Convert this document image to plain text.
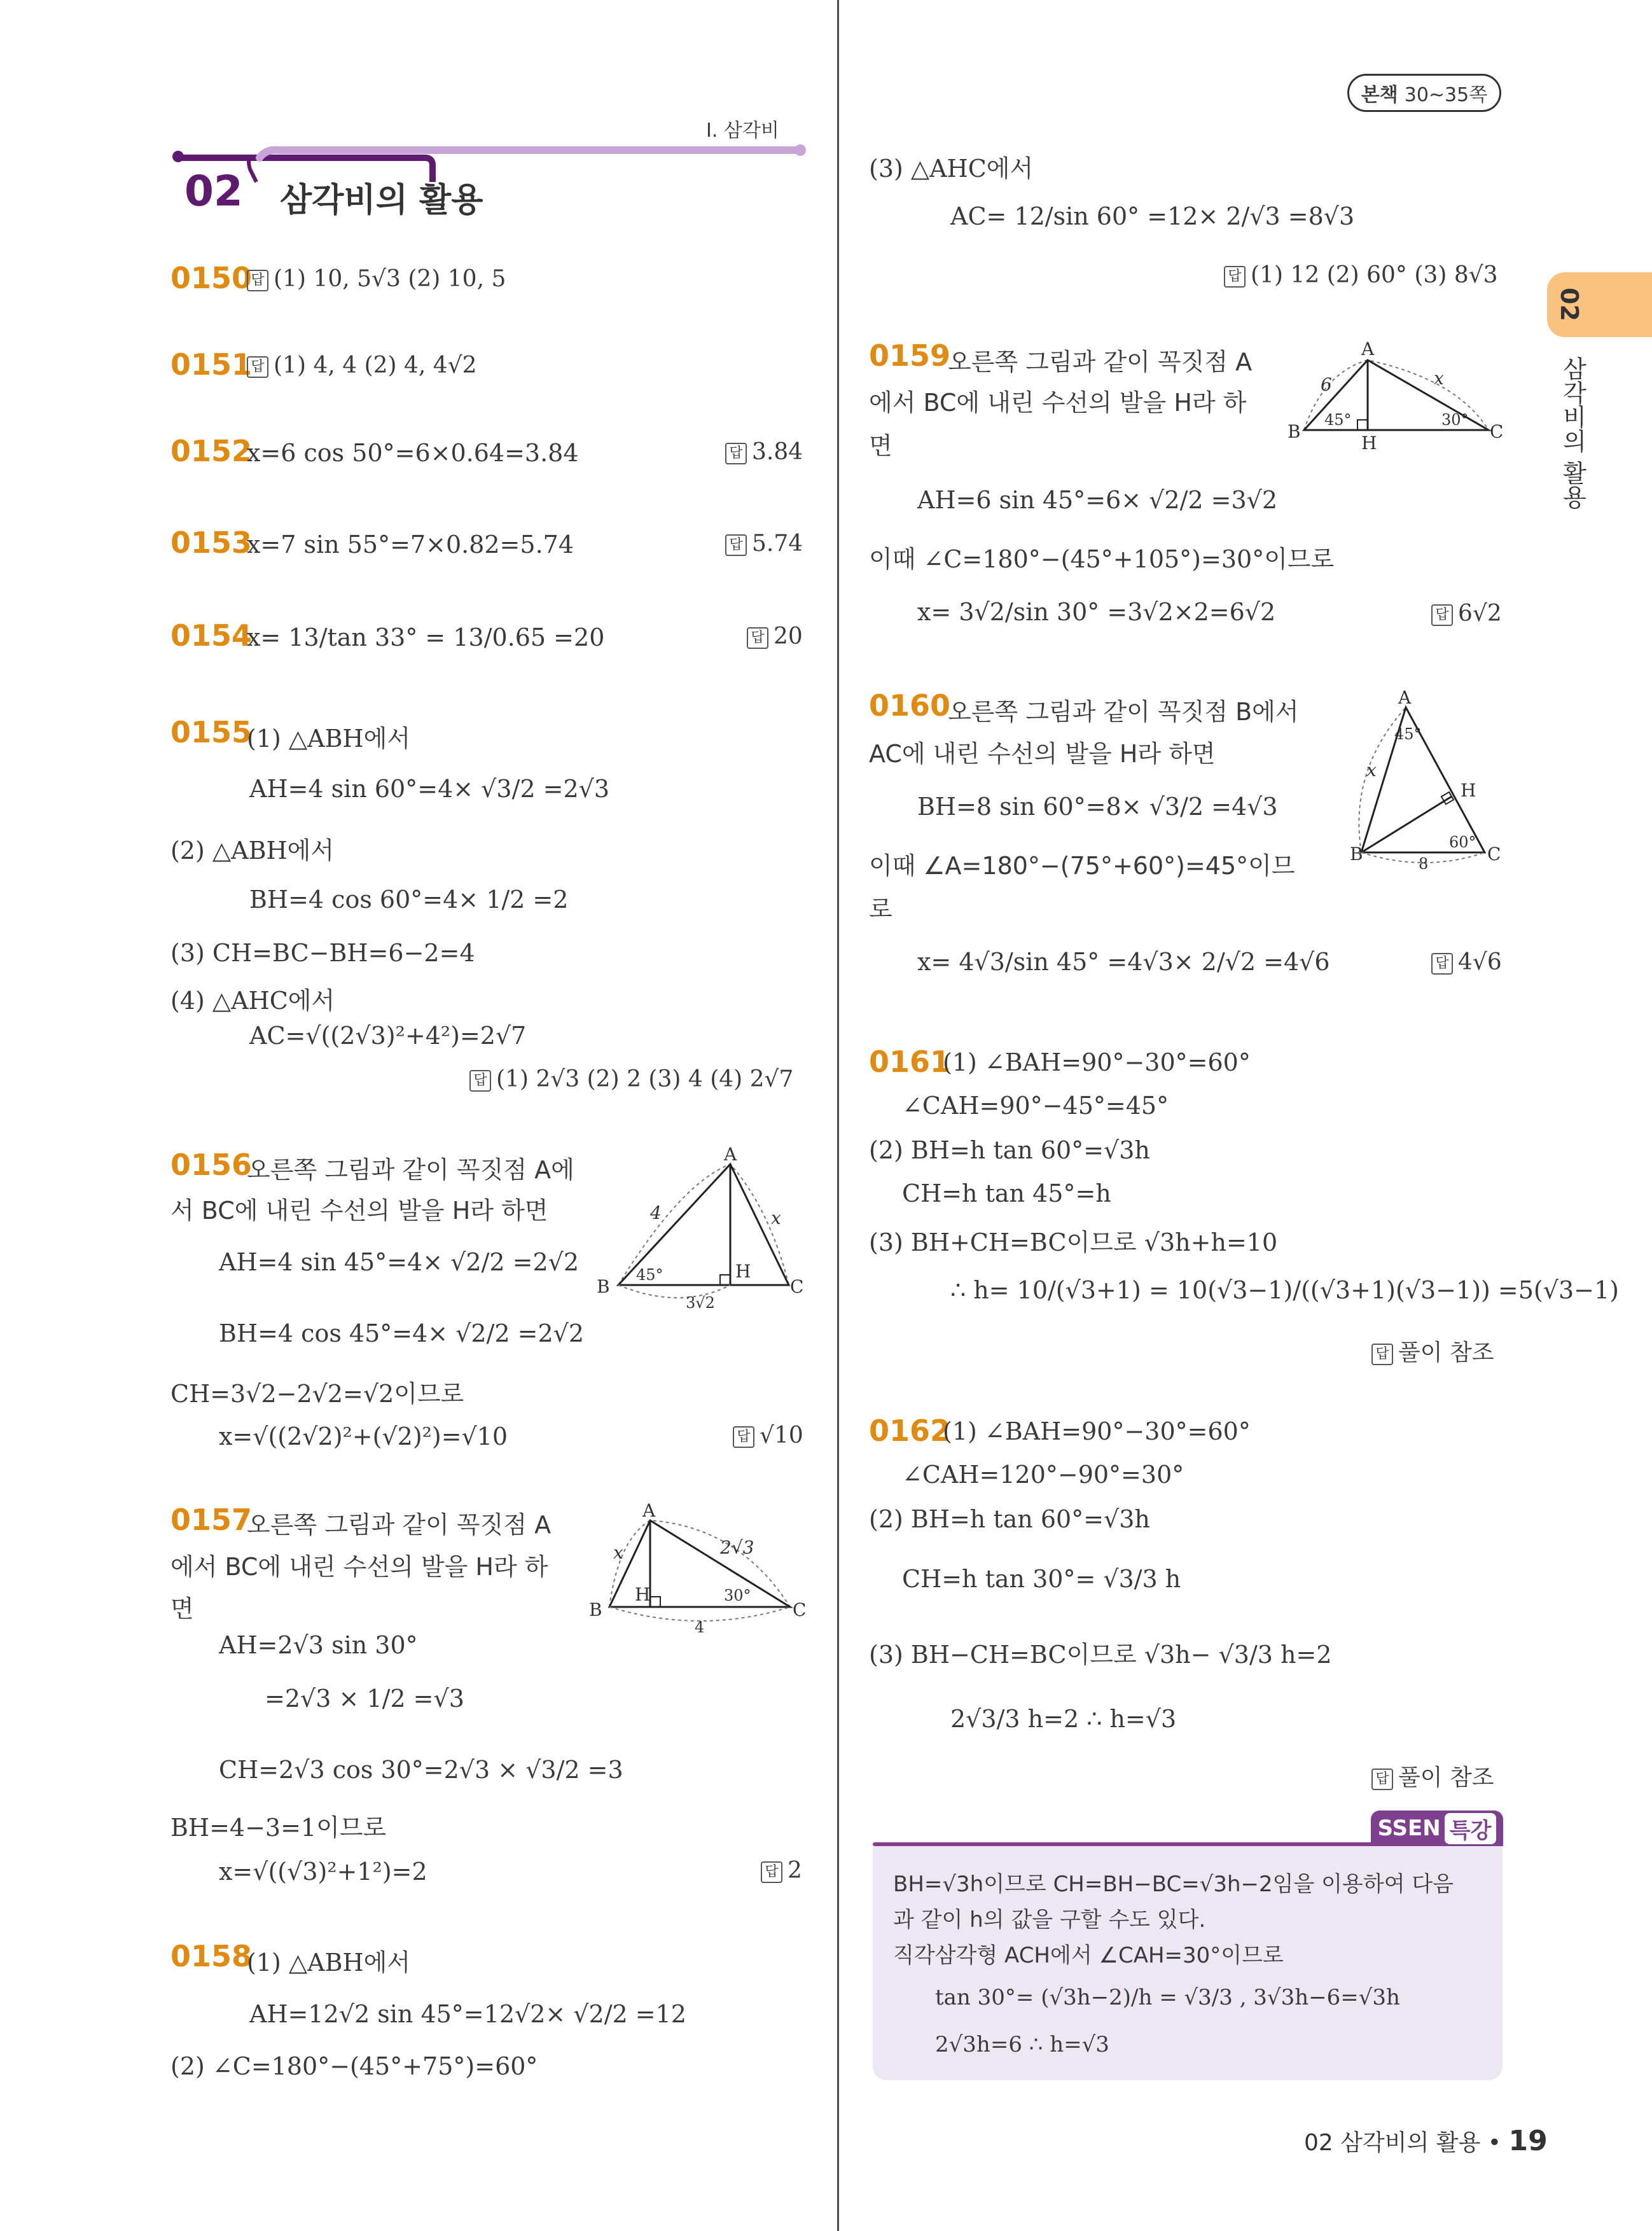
본책 30~35쪽
Ⅰ. 삼각비
02 삼각비의 활용
02
삼각비의 활용
0150
답 (1) 10, 5√3 (2) 10, 5
0151
답 (1) 4, 4 (2) 4, 4√2
0152
x=6 cos 50°=6×0.64=3.84	답 3.84
0153
x=7 sin 55°=7×0.82=5.74	답 5.74
0154
x= 13/tan 33° = 13/0.65 =20	답 20
0155
(1) △ABH에서
AH=4 sin 60°=4× √3/2 =2√3
(2) △ABH에서
BH=4 cos 60°=4× 1/2 =2
(3) CH=BC−BH=6−2=4
(4) △AHC에서
AC=√((2√3)²+4²)=2√7
답 (1) 2√3 (2) 2 (3) 4 (4) 2√7
0156
오른쪽 그림과 같이 꼭짓점 A에
서 BC에 내린 수선의 발을 H라 하면
AH=4 sin 45°=4× √2/2 =2√2
BH=4 cos 45°=4× √2/2 =2√2
CH=3√2−2√2=√2이므로
x=√((2√2)²+(√2)²)=√10	답 √10
A
B	C
H
4	x
45°
3√2
0157
오른쪽 그림과 같이 꼭짓점 A
에서 BC에 내린 수선의 발을 H라 하
면
AH=2√3 sin 30°
=2√3 × 1/2 =√3
CH=2√3 cos 30°=2√3 × √3/2 =3
BH=4−3=1이므로
x=√((√3)²+1²)=2	답 2
A
B	C
H
2√3
x
30°
4
0158
(1) △ABH에서
AH=12√2 sin 45°=12√2× √2/2 =12
(2) ∠C=180°−(45°+75°)=60°
(3) △AHC에서
AC= 12/sin 60° =12× 2/√3 =8√3
답 (1) 12 (2) 60° (3) 8√3
0159
오른쪽 그림과 같이 꼭짓점 A
에서 BC에 내린 수선의 발을 H라 하
면
AH=6 sin 45°=6× √2/2 =3√2
이때 ∠C=180°−(45°+105°)=30°이므로
x= 3√2/sin 30° =3√2×2=6√2	답 6√2
A
B	C
H
6	x
45°	30°
0160
오른쪽 그림과 같이 꼭짓점 B에서
AC에 내린 수선의 발을 H라 하면
BH=8 sin 60°=8× √3/2 =4√3
이때 ∠A=180°−(75°+60°)=45°이므
로
x= 4√3/sin 45° =4√3× 2/√2 =4√6	답 4√6
A
B	C
H
x
45°
60°
8
0161
(1) ∠BAH=90°−30°=60°
∠CAH=90°−45°=45°
(2) BH=h tan 60°=√3h
CH=h tan 45°=h
(3) BH+CH=BC이므로 √3h+h=10
∴ h= 10/(√3+1) = 10(√3−1)/((√3+1)(√3−1)) =5(√3−1)
답 풀이 참조
0162
(1) ∠BAH=90°−30°=60°
∠CAH=120°−90°=30°
(2) BH=h tan 60°=√3h
CH=h tan 30°= √3/3 h
(3) BH−CH=BC이므로 √3h− √3/3 h=2
2√3/3 h=2 ∴ h=√3
답 풀이 참조
SSEN 특강
BH=√3h이므로 CH=BH−BC=√3h−2임을 이용하여 다음
과 같이 h의 값을 구할 수도 있다.
직각삼각형 ACH에서 ∠CAH=30°이므로
tan 30°= (√3h−2)/h = √3/3 , 3√3h−6=√3h
2√3h=6 ∴ h=√3
02 삼각비의 활용 • 19
